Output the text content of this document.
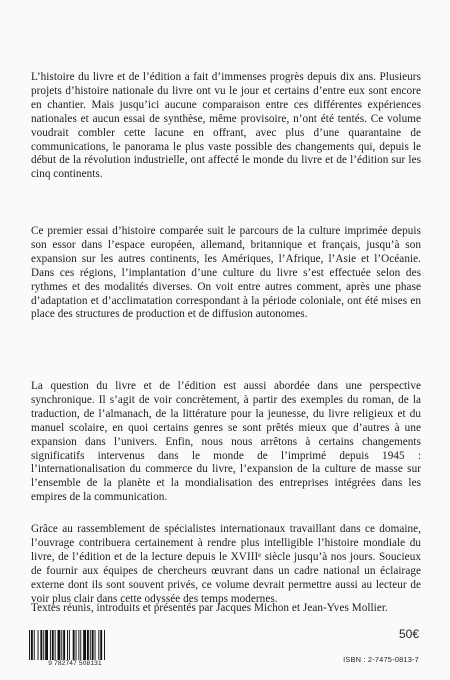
L’histoire du livre et de l’édition a fait d’immenses progrès depuis dix ans. Plusieurs projets d’histoire nationale du livre ont vu le jour et certains d’entre eux sont encore en chantier. Mais jusqu’ici aucune comparaison entre ces différentes expériences nationales et aucun essai de synthèse, même provisoire, n’ont été tentés. Ce volume voudrait combler cette lacune en offrant, avec plus d’une quarantaine de communications, le panorama le plus vaste possible des changements qui, depuis le début de la révolution industrielle, ont affecté le monde du livre et de l’édition sur les cinq continents.

Ce premier essai d’histoire comparée suit le parcours de la culture imprimée depuis son essor dans l’espace européen, allemand, britannique et français, jusqu’à son expansion sur les autres continents, les Amériques, l’Afrique, l’Asie et l’Océanie. Dans ces régions, l’implantation d’une culture du livre s’est effectuée selon des rythmes et des modalités diverses. On voit entre autres comment, après une phase d’adaptation et d’acclimatation correspondant à la période coloniale, ont été mises en place des structures de production et de diffusion autonomes.

La question du livre et de l’édition est aussi abordée dans une perspective synchronique. Il s’agit de voir concrètement, à partir des exemples du roman, de la traduction, de l’almanach, de la littérature pour la jeunesse, du livre religieux et du manuel scolaire, en quoi certains genres se sont prêtés mieux que d’autres à une expansion dans l’univers. Enfin, nous nous arrêtons à certains changements significatifs intervenus dans le monde de l’imprimé depuis 1945 : l’internationalisation du commerce du livre, l’expansion de la culture de masse sur l’ensemble de la planète et la mondialisation des entreprises intégrées dans les empires de la communication.

Grâce au rassemblement de spécialistes internationaux travaillant dans ce domaine, l’ouvrage contribuera certainement à rendre plus intelligible l’histoire mondiale du livre, de l’édition et de la lecture depuis le XVIIIᵉ siècle jusqu’à nos jours. Soucieux de fournir aux équipes de chercheurs œuvrant dans un cadre national un éclairage externe dont ils sont souvent privés, ce volume devrait permettre aussi au lecteur de voir plus clair dans cette odyssée des temps modernes.

Textes réunis, introduits et présentés par Jacques Michon et Jean-Yves Mollier.

9 782747 508131
50€
ISBN : 2-7475-0813-7
